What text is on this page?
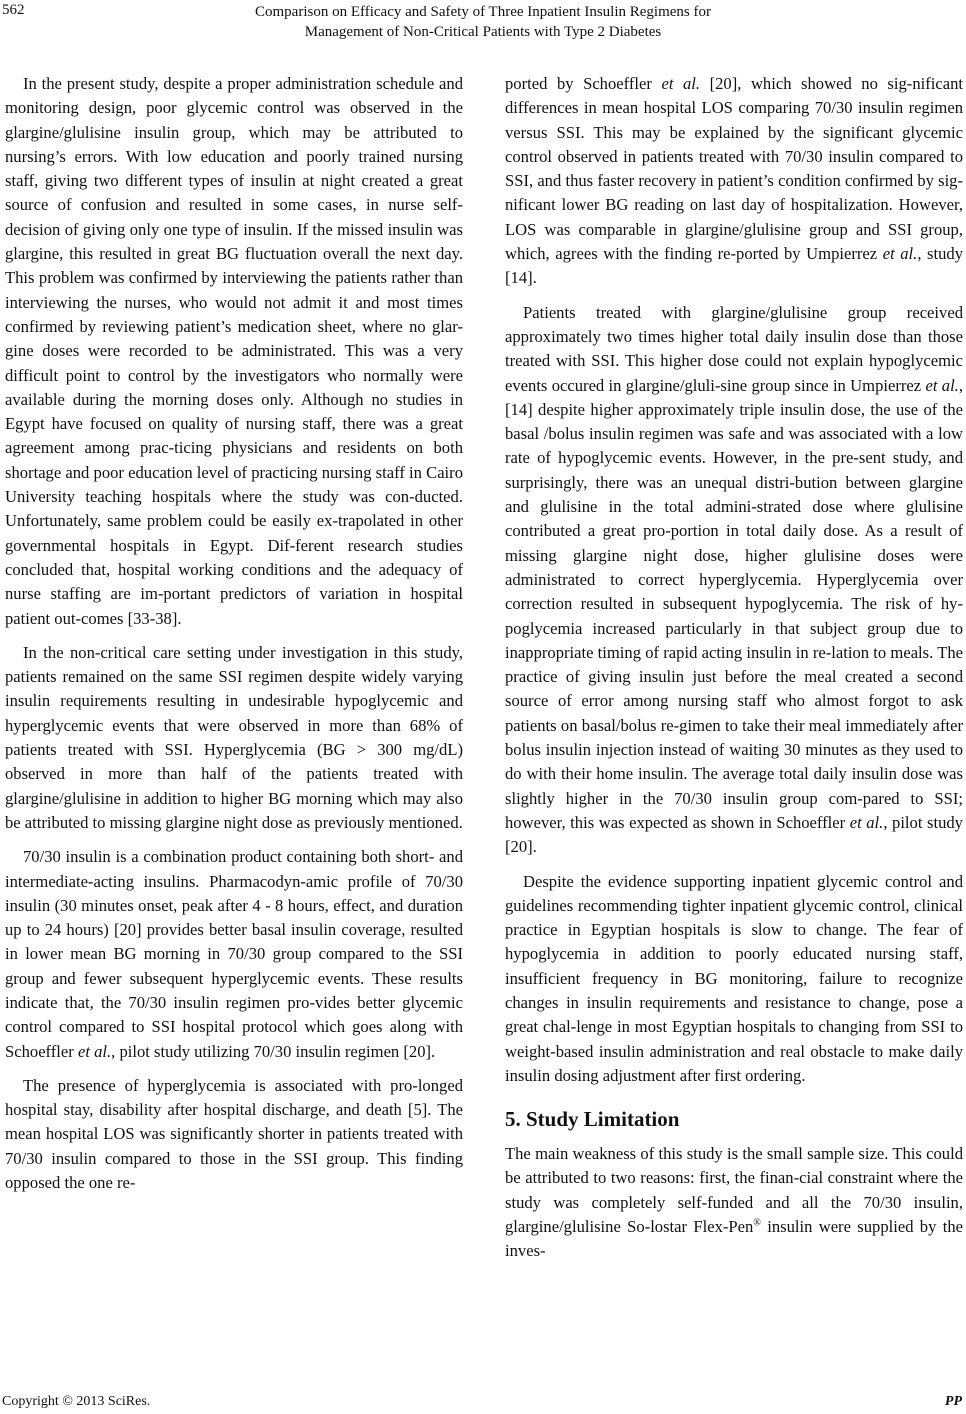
562	Comparison on Efficacy and Safety of Three Inpatient Insulin Regimens for
Management of Non-Critical Patients with Type 2 Diabetes

In the present study, despite a proper administration schedule and monitoring design, poor glycemic control was observed in the glargine/glulisine insulin group, which may be attributed to nursing’s errors. With low education and poorly trained nursing staff, giving two different types of insulin at night created a great source of confusion and resulted in some cases, in nurse self-decision of giving only one type of insulin. If the missed insulin was glargine, this resulted in great BG fluctuation overall the next day. This problem was confirmed by interviewing the patients rather than interviewing the nurses, who would not admit it and most times confirmed by reviewing patient’s medication sheet, where no glar-gine doses were recorded to be administrated. This was a very difficult point to control by the investigators who normally were available during the morning doses only. Although no studies in Egypt have focused on quality of nursing staff, there was a great agreement among prac-ticing physicians and residents on both shortage and poor education level of practicing nursing staff in Cairo University teaching hospitals where the study was con-ducted. Unfortunately, same problem could be easily ex-trapolated in other governmental hospitals in Egypt. Dif-ferent research studies concluded that, hospital working conditions and the adequacy of nurse staffing are im-portant predictors of variation in hospital patient out-comes [33-38].

In the non-critical care setting under investigation in this study, patients remained on the same SSI regimen despite widely varying insulin requirements resulting in undesirable hypoglycemic and hyperglycemic events that were observed in more than 68% of patients treated with SSI. Hyperglycemia (BG > 300 mg/dL) observed in more than half of the patients treated with glargine/glulisine in addition to higher BG morning which may also be attributed to missing glargine night dose as previously mentioned.

70/30 insulin is a combination product containing both short- and intermediate-acting insulins. Pharmacodyn-amic profile of 70/30 insulin (30 minutes onset, peak after 4 - 8 hours, effect, and duration up to 24 hours) [20] provides better basal insulin coverage, resulted in lower mean BG morning in 70/30 group compared to the SSI group and fewer subsequent hyperglycemic events. These results indicate that, the 70/30 insulin regimen pro-vides better glycemic control compared to SSI hospital protocol which goes along with Schoeffler et al., pilot study utilizing 70/30 insulin regimen [20].

The presence of hyperglycemia is associated with pro-longed hospital stay, disability after hospital discharge, and death [5]. The mean hospital LOS was significantly shorter in patients treated with 70/30 insulin compared to those in the SSI group. This finding opposed the one re-

ported by Schoeffler et al. [20], which showed no sig-nificant differences in mean hospital LOS comparing 70/30 insulin regimen versus SSI. This may be explained by the significant glycemic control observed in patients treated with 70/30 insulin compared to SSI, and thus faster recovery in patient’s condition confirmed by sig-nificant lower BG reading on last day of hospitalization. However, LOS was comparable in glargine/glulisine group and SSI group, which, agrees with the finding re-ported by Umpierrez et al., study [14].

Patients treated with glargine/glulisine group received approximately two times higher total daily insulin dose than those treated with SSI. This higher dose could not explain hypoglycemic events occured in glargine/gluli-sine group since in Umpierrez et al., [14] despite higher approximately triple insulin dose, the use of the basal /bolus insulin regimen was safe and was associated with a low rate of hypoglycemic events. However, in the pre-sent study, and surprisingly, there was an unequal distri-bution between glargine and glulisine in the total admini-strated dose where glulisine contributed a great pro-portion in total daily dose. As a result of missing glargine night dose, higher glulisine doses were administrated to correct hyperglycemia. Hyperglycemia over correction resulted in subsequent hypoglycemia. The risk of hy-poglycemia increased particularly in that subject group due to inappropriate timing of rapid acting insulin in re-lation to meals. The practice of giving insulin just before the meal created a second source of error among nursing staff who almost forgot to ask patients on basal/bolus re-gimen to take their meal immediately after bolus insulin injection instead of waiting 30 minutes as they used to do with their home insulin. The average total daily insulin dose was slightly higher in the 70/30 insulin group com-pared to SSI; however, this was expected as shown in Schoeffler et al., pilot study [20].

Despite the evidence supporting inpatient glycemic control and guidelines recommending tighter inpatient glycemic control, clinical practice in Egyptian hospitals is slow to change. The fear of hypoglycemia in addition to poorly educated nursing staff, insufficient frequency in BG monitoring, failure to recognize changes in insulin requirements and resistance to change, pose a great chal-lenge in most Egyptian hospitals to changing from SSI to weight-based insulin administration and real obstacle to make daily insulin dosing adjustment after first ordering.

5. Study Limitation

The main weakness of this study is the small sample size. This could be attributed to two reasons: first, the finan-cial constraint where the study was completely self-funded and all the 70/30 insulin, glargine/glulisine So-lostar Flex-Pen® insulin were supplied by the inves-

Copyright © 2013 SciRes.	PP
